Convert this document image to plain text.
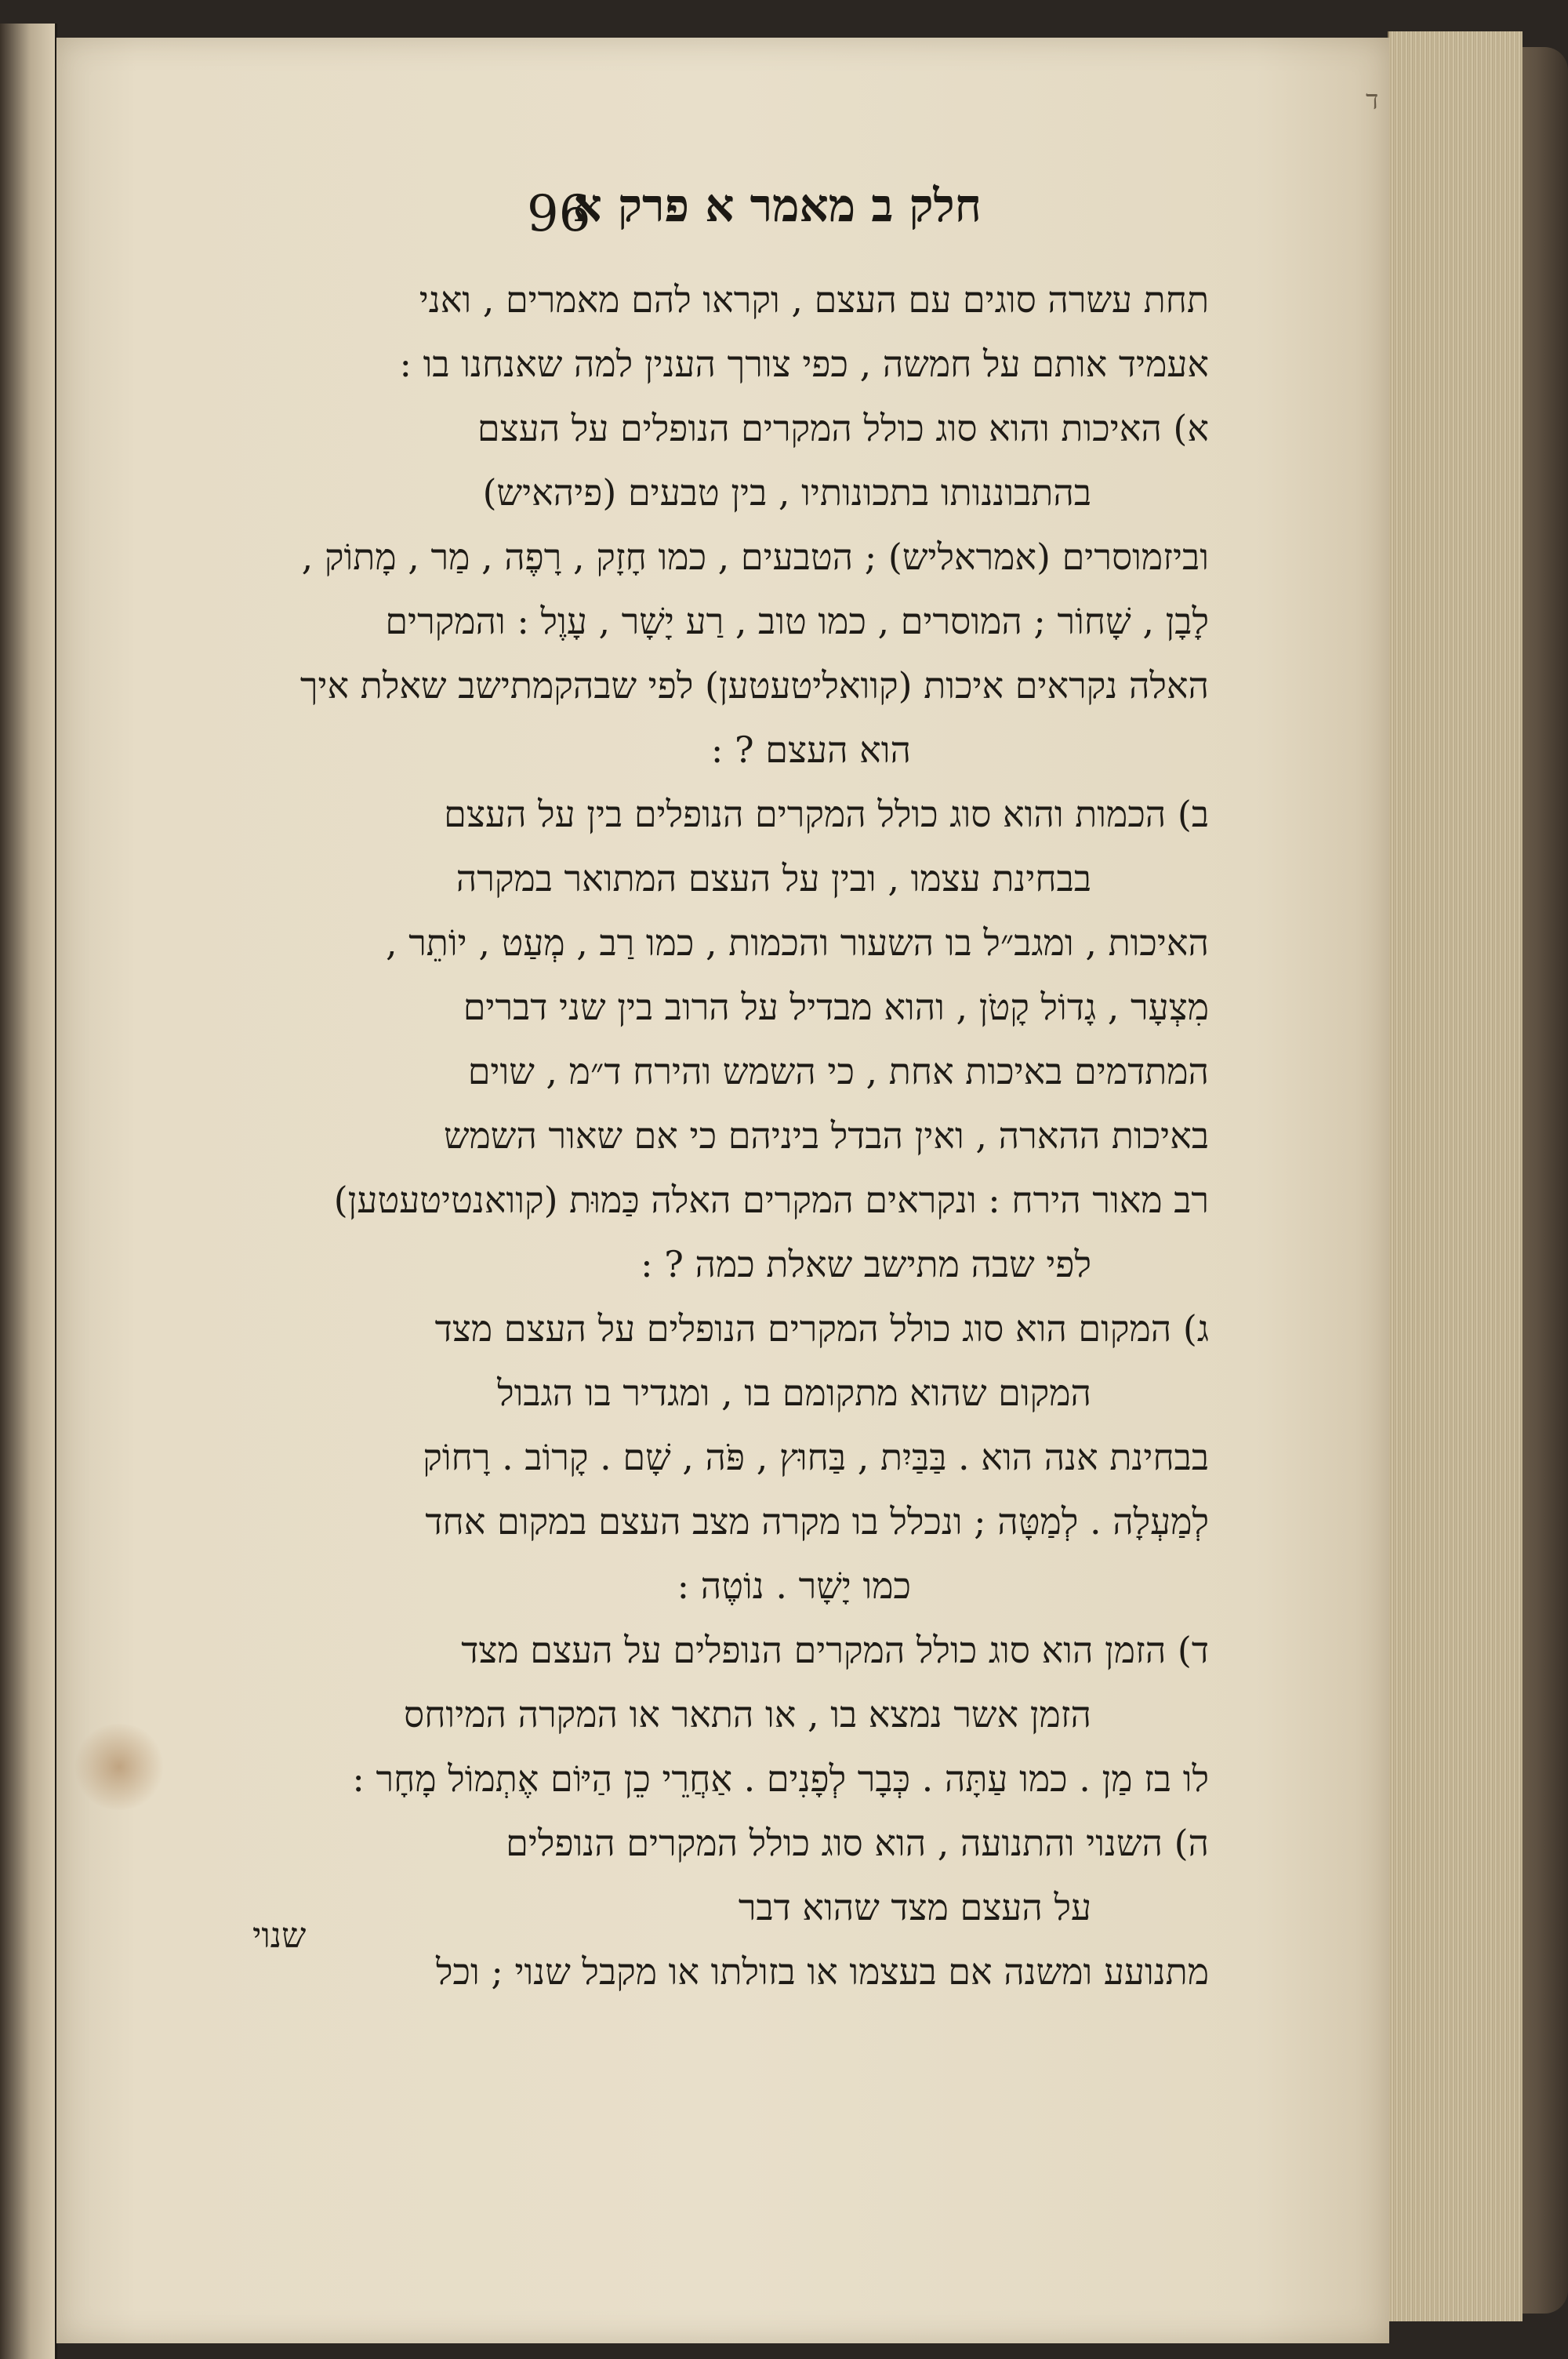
ד
חלק ב מאמר א פרק א
96
תחת עשרה סוגים עם העצם , וקראו להם מאמרים , ואני
אעמיד אותם על חמשה , כפי צורך הענין למה שאנחנו בו :
א) האיכות והוא סוג כולל המקרים הנופלים על העצם
בהתבוננותו בתכונותיו , בין טבעים (פיהאיש)
וביזמוסרים (אמראליש) ; הטבעים , כמו חָזָק , רָפֶה , מַר , מָתוֹק ,
לָבָן , שָׁחוֹר ; המוסרים , כמו טוב , רַע יָשָׁר , עָוֶל : והמקרים
האלה נקראים איכות (קוואליטעטען) לפי שבהקמתישב שאלת איך
הוא העצם ? :
ב) הכמות והוא סוג כולל המקרים הנופלים בין על העצם
בבחינת עצמו , ובין על העצם המתואר במקרה
האיכות , ומגב״ל בו השעור והכמות , כמו רַב , מְעַט , יוֹתֵר ,
מִצְעָר , גָדוֹל קָטֹן , והוא מבדיל על הרוב בין שני דברים
המתדמים באיכות אחת , כי השמש והירח ד״מ , שוים
באיכות ההארה , ואין הבדל ביניהם כי אם שאור השמש
רב מאור הירח : ונקראים המקרים האלה כַּמוּת (קוואנטיטעטען)
לפי שבה מתישב שאלת כמה ? :
ג) המקום הוא סוג כולל המקרים הנופלים על העצם מצד
המקום שהוא מתקומם בו , ומגדיר בו הגבול
בבחינת אנה הוא . בַּבַּיִת , בַּחוּץ , פֹּה , שָׁם . קָרוֹב . רָחוֹק
לְמַעְלָה . לְמַטָּה ; ונכלל בו מקרה מצב העצם במקום אחד
כמו יָשָׁר . נוֹטֶה :
ד) הזמן הוא סוג כולל המקרים הנופלים על העצם מצד
הזמן אשר נמצא בו , או התאר או המקרה המיוחס
לו בז מַן . כמו עַתָּה . כְּבָר לְפָנִים . אַחֲרֵי כֵן הַיּוֹם אֶתְמוֹל מָחָר :
ה) השנוי והתנועה , הוא סוג כולל המקרים הנופלים
על העצם מצד שהוא דבר
מתנועע ומשנה אם בעצמו או בזולתו או מקבל שנוי ; וכל
שנוי
